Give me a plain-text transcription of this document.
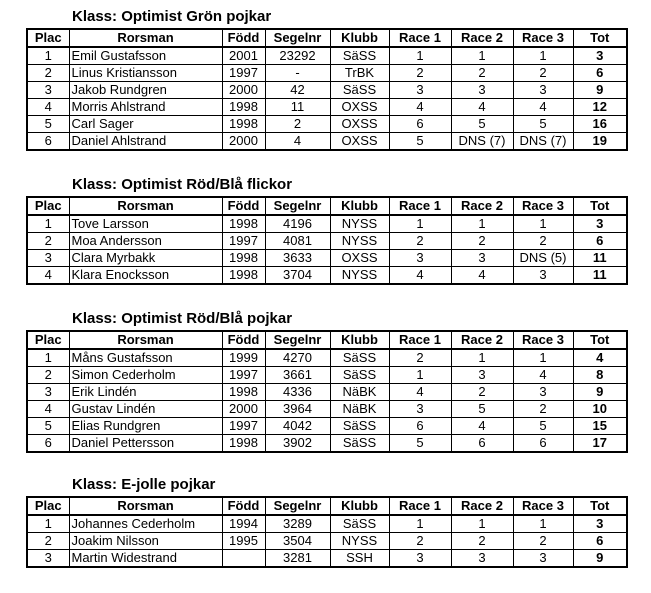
Klass: Optimist Grön pojkar
Plac	Rorsman	Född	Segelnr	Klubb	Race 1	Race 2	Race 3	Tot
1	Emil Gustafsson	2001	23292	SäSS	1	1	1	3
2	Linus Kristiansson	1997	-	TrBK	2	2	2	6
3	Jakob Rundgren	2000	42	SäSS	3	3	3	9
4	Morris Ahlstrand	1998	11	OXSS	4	4	4	12
5	Carl Sager	1998	2	OXSS	6	5	5	16
6	Daniel Ahlstrand	2000	4	OXSS	5	DNS (7)	DNS (7)	19
Klass: Optimist Röd/Blå flickor
Plac	Rorsman	Född	Segelnr	Klubb	Race 1	Race 2	Race 3	Tot
1	Tove Larsson	1998	4196	NYSS	1	1	1	3
2	Moa Andersson	1997	4081	NYSS	2	2	2	6
3	Clara Myrbakk	1998	3633	OXSS	3	3	DNS (5)	11
4	Klara Enocksson	1998	3704	NYSS	4	4	3	11
Klass: Optimist Röd/Blå pojkar
Plac	Rorsman	Född	Segelnr	Klubb	Race 1	Race 2	Race 3	Tot
1	Måns Gustafsson	1999	4270	SäSS	2	1	1	4
2	Simon Cederholm	1997	3661	SäSS	1	3	4	8
3	Erik Lindén	1998	4336	NäBK	4	2	3	9
4	Gustav Lindén	2000	3964	NäBK	3	5	2	10
5	Elias Rundgren	1997	4042	SäSS	6	4	5	15
6	Daniel Pettersson	1998	3902	SäSS	5	6	6	17
Klass: E-jolle pojkar
Plac	Rorsman	Född	Segelnr	Klubb	Race 1	Race 2	Race 3	Tot
1	Johannes Cederholm	1994	3289	SäSS	1	1	1	3
2	Joakim Nilsson	1995	3504	NYSS	2	2	2	6
3	Martin Widestrand		3281	SSH	3	3	3	9
